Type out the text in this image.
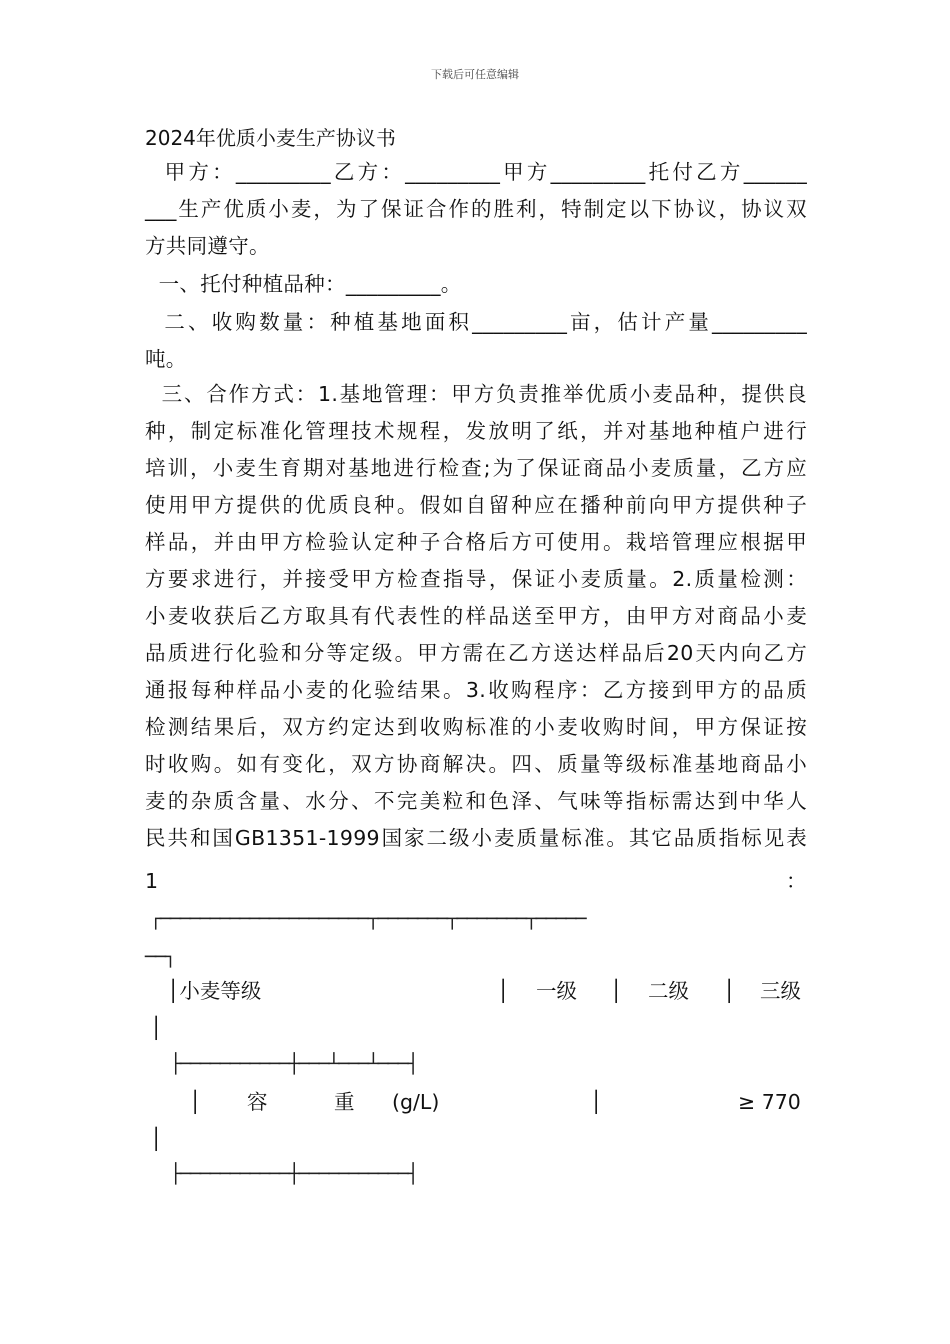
下载后可任意编辑
2024年优质小麦生产协议书
甲方：_________乙方：_________甲方_________托付乙方______
___生产优质小麦，为了保证合作的胜利，特制定以下协议，协议双
方共同遵守。
一、托付种植品种：_________。
二、收购数量：种植基地面积_________亩，估计产量_________
吨。
三、合作方式：1.基地管理：甲方负责推举优质小麦品种，提供良
种，制定标准化管理技术规程，发放明了纸，并对基地种植户进行
培训，小麦生育期对基地进行检查;为了保证商品小麦质量，乙方应
使用甲方提供的优质良种。假如自留种应在播种前向甲方提供种子
样品，并由甲方检验认定种子合格后方可使用。栽培管理应根据甲
方要求进行，并接受甲方检查指导，保证小麦质量。2.质量检测：
小麦收获后乙方取具有代表性的样品送至甲方，由甲方对商品小麦
品质进行化验和分等定级。甲方需在乙方送达样品后20天内向乙方
通报每种样品小麦的化验结果。3.收购程序：乙方接到甲方的品质
检测结果后，双方约定达到收购标准的小麦收购时间，甲方保证按
时收购。如有变化，双方协商解决。四、质量等级标准基地商品小
麦的杂质含量、水分、不完美粒和色泽、气味等指标需达到中华人
民共和国GB1351-1999国家二级小麦质量标准。其它品质指标见表
1	：
┌─────────────────────┬───────┬───────┬─────
──┐
│小麦等级	│ 一级 │ 二级 │ 三级
│
├───────────┼───┴───┴───┤
│ 容	重 (g/L)	│	≥ 770
│
├───────────┼───────────┤
